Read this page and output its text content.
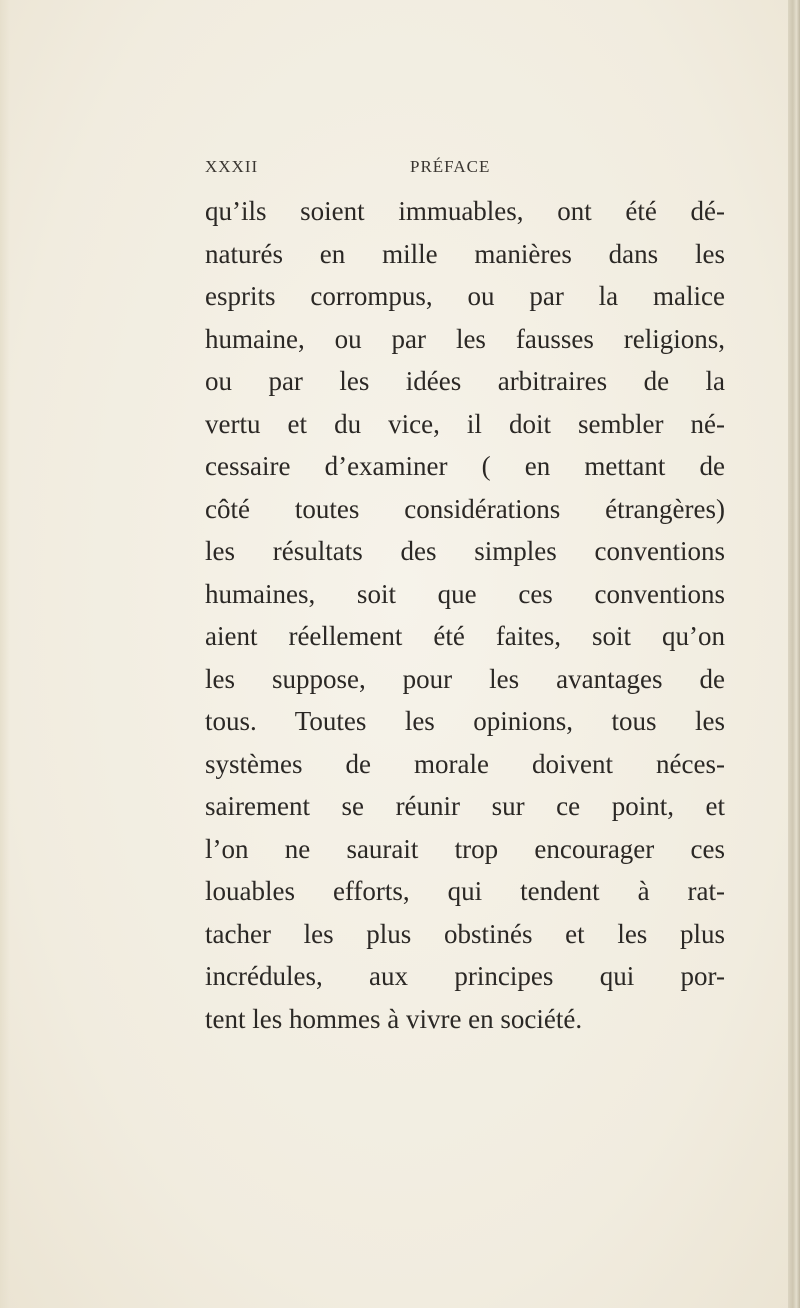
XXXII	PRÉFACE
qu’ils soient immuables, ont été dé-
naturés en mille manières dans les
esprits corrompus, ou par la malice
humaine, ou par les fausses religions,
ou par les idées arbitraires de la
vertu et du vice, il doit sembler né-
cessaire d’examiner ( en mettant de
côté toutes considérations étrangères)
les résultats des simples conventions
humaines, soit que ces conventions
aient réellement été faites, soit qu’on
les suppose, pour les avantages de
tous. Toutes les opinions, tous les
systèmes de morale doivent néces-
sairement se réunir sur ce point, et
l’on ne saurait trop encourager ces
louables efforts, qui tendent à rat-
tacher les plus obstinés et les plus
incrédules, aux principes qui por-
tent les hommes à vivre en société.
